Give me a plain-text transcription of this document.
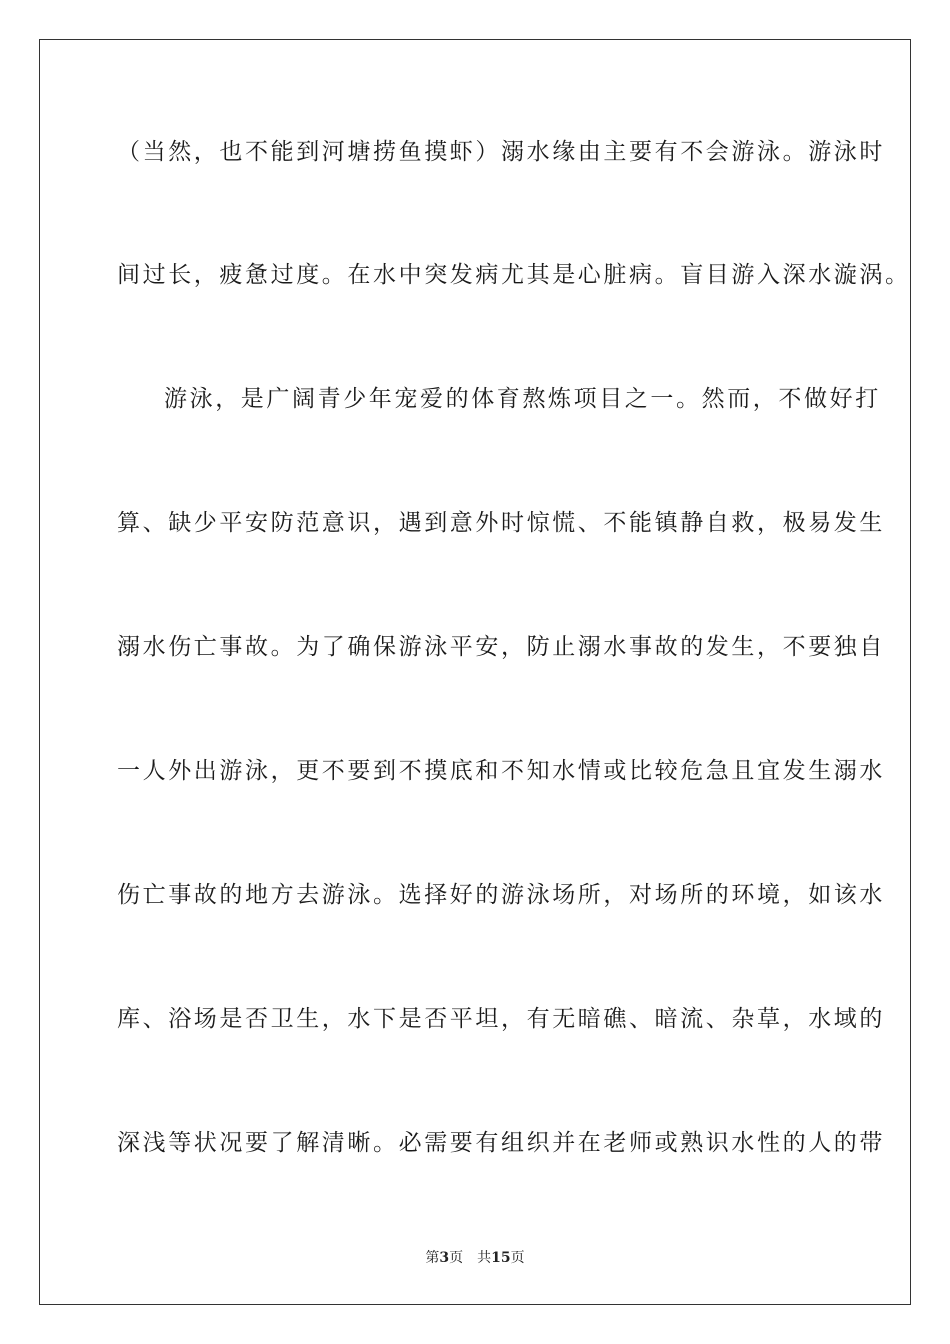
（当然，也不能到河塘捞鱼摸虾）溺水缘由主要有不会游泳。游泳时
间过长，疲惫过度。在水中突发病尤其是心脏病。盲目游入深水漩涡。
游泳，是广阔青少年宠爱的体育熬炼项目之一。然而，不做好打
算、缺少平安防范意识，遇到意外时惊慌、不能镇静自救，极易发生
溺水伤亡事故。为了确保游泳平安，防止溺水事故的发生，不要独自
一人外出游泳，更不要到不摸底和不知水情或比较危急且宜发生溺水
伤亡事故的地方去游泳。选择好的游泳场所，对场所的环境，如该水
库、浴场是否卫生，水下是否平坦，有无暗礁、暗流、杂草，水域的
深浅等状况要了解清晰。必需要有组织并在老师或熟识水性的人的带
第3页 共15页
